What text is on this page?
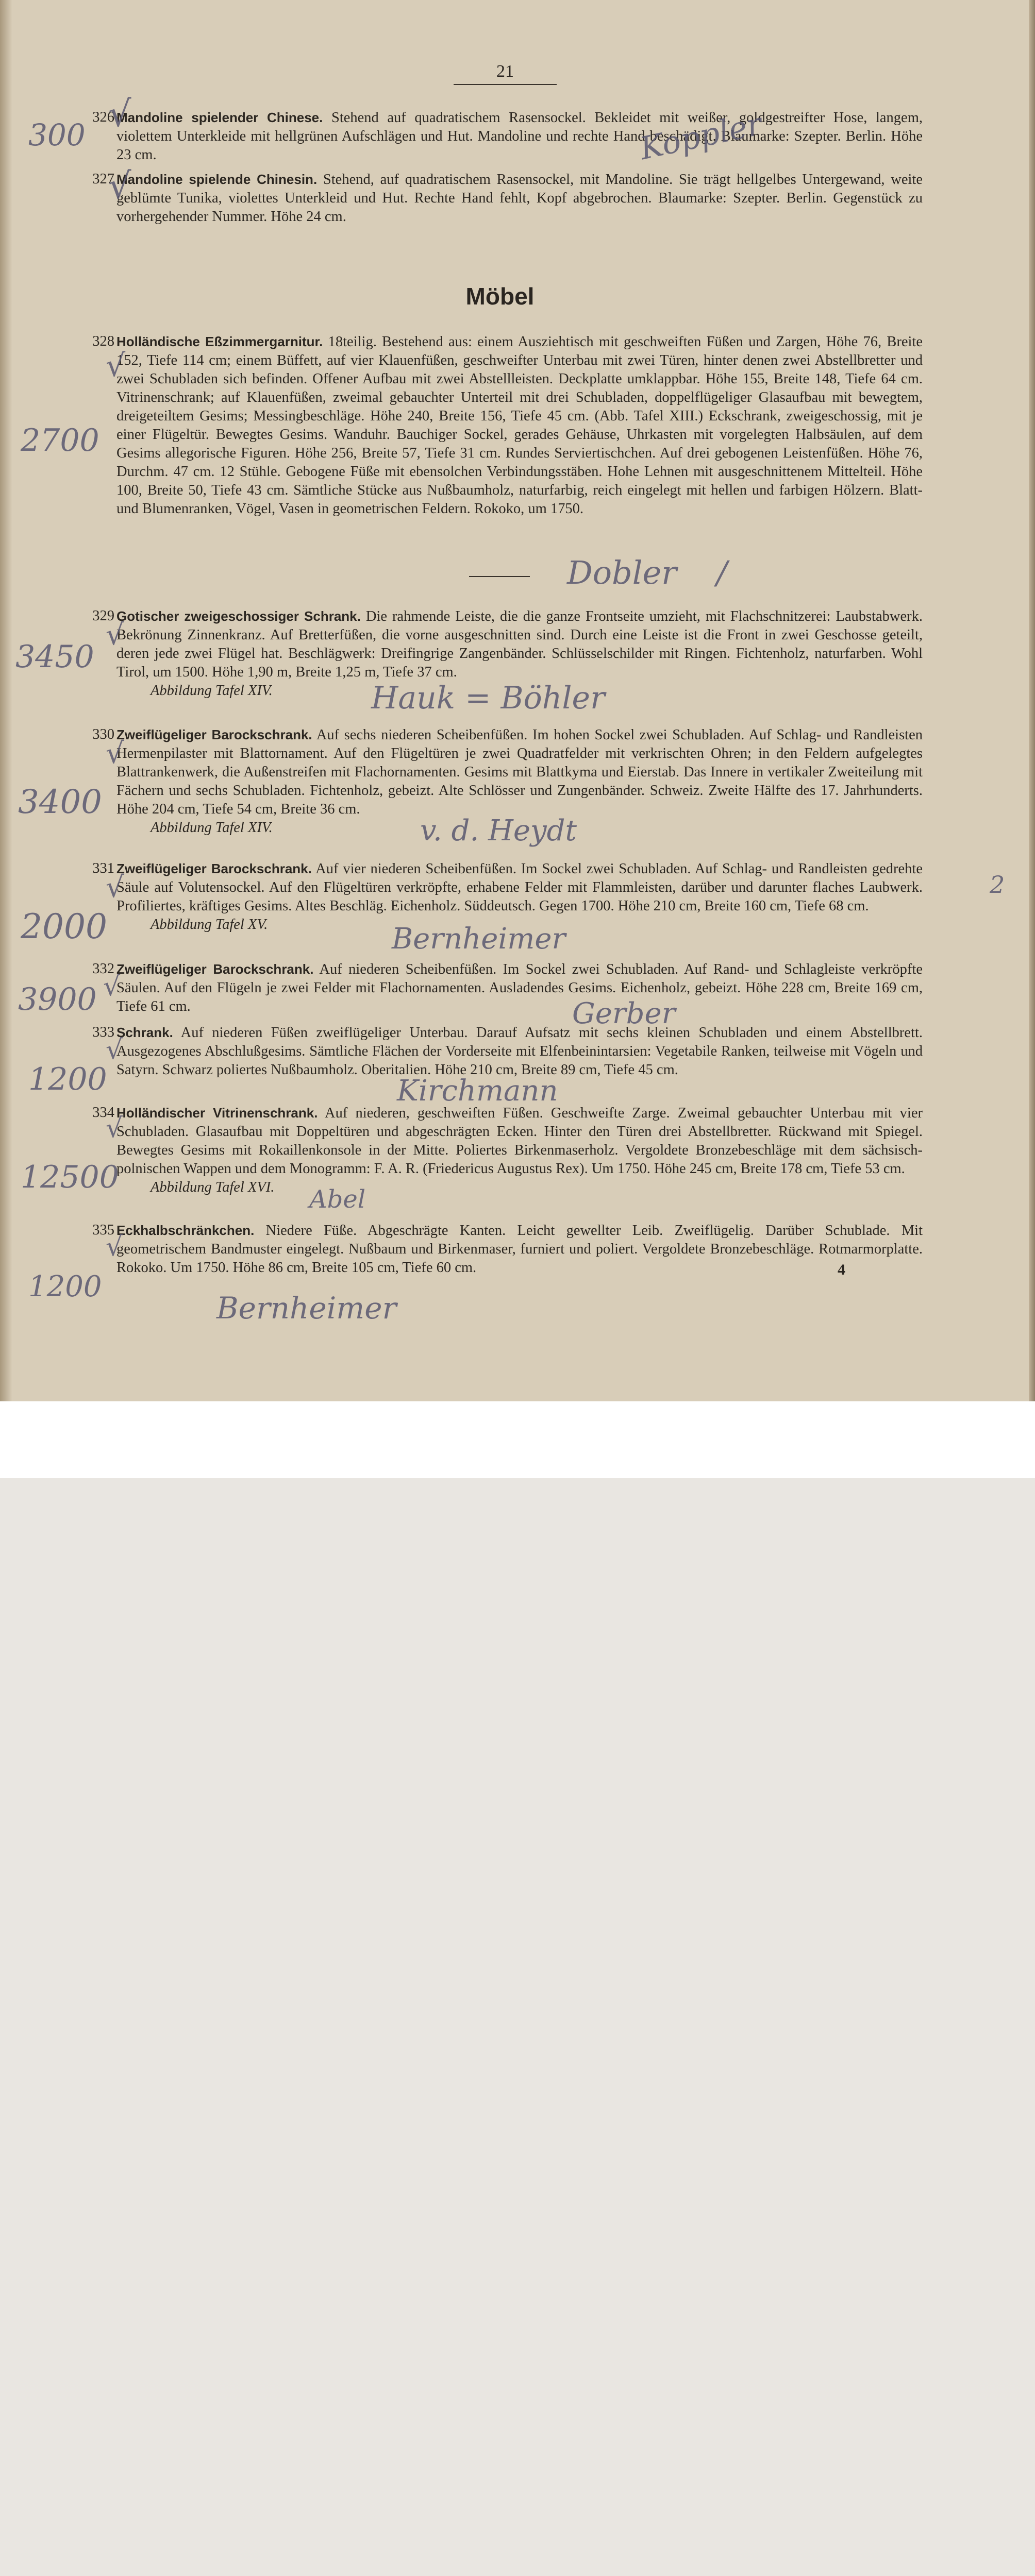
21
326 Mandoline spielender Chinese. Stehend auf quadratischem Rasensockel. Bekleidet mit weißer, goldgestreifter Hose, langem, violettem Unterkleide mit hellgrünen Aufschlägen und Hut. Mandoline und rechte Hand beschädigt. Blaumarke: Szepter. Berlin. Höhe 23 cm.
327 Mandoline spielende Chinesin. Stehend, auf quadratischem Rasensockel, mit Mandoline. Sie trägt hellgelbes Untergewand, weite geblümte Tunika, violettes Unterkleid und Hut. Rechte Hand fehlt, Kopf abgebrochen. Blaumarke: Szepter. Berlin. Gegenstück zu vorhergehender Nummer. Höhe 24 cm.
Möbel
328 Holländische Eßzimmergarnitur. 18teilig. Bestehend aus: einem Ausziehtisch mit geschweiften Füßen und Zargen, Höhe 76, Breite 152, Tiefe 114 cm; einem Büffett, auf vier Klauenfüßen, geschweifter Unterbau mit zwei Türen, hinter denen zwei Abstellbretter und zwei Schubladen sich befinden. Offener Aufbau mit zwei Abstellleisten. Deckplatte umklappbar. Höhe 155, Breite 148, Tiefe 64 cm. Vitrinenschrank; auf Klauenfüßen, zweimal gebauchter Unterteil mit drei Schubladen, doppelflügeliger Glasaufbau mit bewegtem, dreigeteiltem Gesims; Messingbeschläge. Höhe 240, Breite 156, Tiefe 45 cm. (Abb. Tafel XIII.) Eckschrank, zweigeschossig, mit je einer Flügeltür. Bewegtes Gesims. Wanduhr. Bauchiger Sockel, gerades Gehäuse, Uhrkasten mit vorgelegten Halbsäulen, auf dem Gesims allegorische Figuren. Höhe 256, Breite 57, Tiefe 31 cm. Rundes Serviertischchen. Auf drei gebogenen Leistenfüßen. Höhe 76, Durchm. 47 cm. 12 Stühle. Gebogene Füße mit ebensolchen Verbindungsstäben. Hohe Lehnen mit ausgeschnittenem Mittelteil. Höhe 100, Breite 50, Tiefe 43 cm. Sämtliche Stücke aus Nußbaumholz, naturfarbig, reich eingelegt mit hellen und farbigen Hölzern. Blatt- und Blumenranken, Vögel, Vasen in geometrischen Feldern. Rokoko, um 1750.
329 Gotischer zweigeschossiger Schrank. Die rahmende Leiste, die die ganze Frontseite umzieht, mit Flachschnitzerei: Laubstabwerk. Bekrönung Zinnenkranz. Auf Bretterfüßen, die vorne ausgeschnitten sind. Durch eine Leiste ist die Front in zwei Geschosse geteilt, deren jede zwei Flügel hat. Beschlägwerk: Dreifingrige Zangenbänder. Schlüsselschilder mit Ringen. Fichtenholz, naturfarben. Wohl Tirol, um 1500. Höhe 1,90 m, Breite 1,25 m, Tiefe 37 cm.
Abbildung Tafel XIV.
330 Zweiflügeliger Barockschrank. Auf sechs niederen Scheibenfüßen. Im hohen Sockel zwei Schubladen. Auf Schlag- und Randleisten Hermenpilaster mit Blattornament. Auf den Flügeltüren je zwei Quadratfelder mit verkrischten Ohren; in den Feldern aufgelegtes Blattrankenwerk, die Außenstreifen mit Flachornamenten. Gesims mit Blattkyma und Eierstab. Das Innere in vertikaler Zweiteilung mit Fächern und sechs Schubladen. Fichtenholz, gebeizt. Alte Schlösser und Zungenbänder. Schweiz. Zweite Hälfte des 17. Jahrhunderts. Höhe 204 cm, Tiefe 54 cm, Breite 36 cm.
Abbildung Tafel XIV.
331 Zweiflügeliger Barockschrank. Auf vier niederen Scheibenfüßen. Im Sockel zwei Schubladen. Auf Schlag- und Randleisten gedrehte Säule auf Volutensockel. Auf den Flügeltüren verkröpfte, erhabene Felder mit Flammleisten, darüber und darunter flaches Laubwerk. Profiliertes, kräftiges Gesims. Altes Beschläg. Eichenholz. Süddeutsch. Gegen 1700. Höhe 210 cm, Breite 160 cm, Tiefe 68 cm.
Abbildung Tafel XV.
332 Zweiflügeliger Barockschrank. Auf niederen Scheibenfüßen. Im Sockel zwei Schubladen. Auf Rand- und Schlagleiste verkröpfte Säulen. Auf den Flügeln je zwei Felder mit Flachornamenten. Ausladendes Gesims. Eichenholz, gebeizt. Höhe 228 cm, Breite 169 cm, Tiefe 61 cm.
333 Schrank. Auf niederen Füßen zweiflügeliger Unterbau. Darauf Aufsatz mit sechs kleinen Schubladen und einem Abstellbrett. Ausgezogenes Abschlußgesims. Sämtliche Flächen der Vorderseite mit Elfenbeinintarsien: Vegetabile Ranken, teilweise mit Vögeln und Satyrn. Schwarz poliertes Nußbaumholz. Oberitalien. Höhe 210 cm, Breite 89 cm, Tiefe 45 cm.
334 Holländischer Vitrinenschrank. Auf niederen, geschweiften Füßen. Geschweifte Zarge. Zweimal gebauchter Unterbau mit vier Schubladen. Glasaufbau mit Doppeltüren und abgeschrägten Ecken. Hinter den Türen drei Abstellbretter. Rückwand mit Spiegel. Bewegtes Gesims mit Rokaillenkonsole in der Mitte. Poliertes Birkenmaserholz. Vergoldete Bronzebeschläge mit dem sächsisch-polnischen Wappen und dem Monogramm: F. A. R. (Friedericus Augustus Rex). Um 1750. Höhe 245 cm, Breite 178 cm, Tiefe 53 cm.
Abbildung Tafel XVI.
335 Eckhalbschränkchen. Niedere Füße. Abgeschrägte Kanten. Leicht gewellter Leib. Zweiflügelig. Darüber Schublade. Mit geometrischem Bandmuster eingelegt. Nußbaum und Birkenmaser, furniert und poliert. Vergoldete Bronzebeschläge. Rotmarmorplatte. Rokoko. Um 1750. Höhe 86 cm, Breite 105 cm, Tiefe 60 cm.	4
300 √	Koppler
√
2700
√
Dobler /
3450
√
Hauk = Böhler
3400
√
v. d. Heydt
2000
√
Bernheimer
2
3900 √
Gerber
1200
√
Kirchmann
12500
√
Abel
1200
√
Bernheimer
